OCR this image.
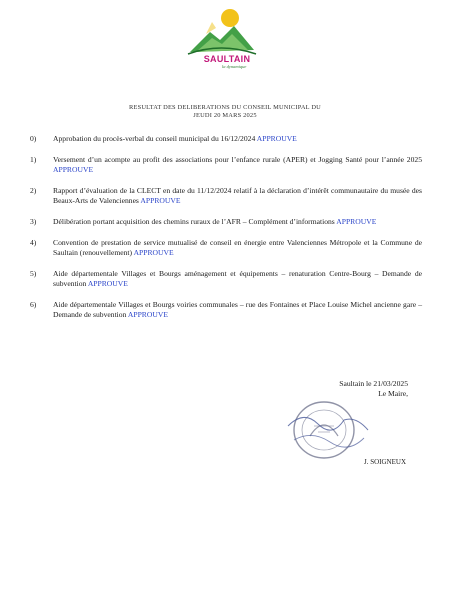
SAULTAIN
la dynamique
RESULTAT DES DELIBERATIONS DU CONSEIL MUNICIPAL DU
JEUDI 20 MARS 2025
0)	Approbation du procès-verbal du conseil municipal du 16/12/2024 APPROUVE
1)	Versement d’un acompte au profit des associations pour l’enfance rurale (APER) et Jogging Santé pour l’année 2025 APPROUVE
2)	Rapport d’évaluation de la CLECT en date du 11/12/2024 relatif à la déclaration d’intérêt communautaire du musée des Beaux-Arts de Valenciennes APPROUVE
3)	Délibération portant acquisition des chemins ruraux de l’AFR – Complément d’informations APPROUVE
4)	Convention de prestation de service mutualisé de conseil en énergie entre Valenciennes Métropole et la Commune de Saultain (renouvellement) APPROUVE
5)	Aide départementale Villages et Bourgs aménagement et équipements – renaturation Centre-Bourg – Demande de subvention APPROUVE
6)	Aide départementale Villages et Bourgs voiries communales – rue des Fontaines et Place Louise Michel ancienne gare – Demande de subvention APPROUVE
Saultain le 21/03/2025
Le Maire,
J. SOIGNEUX
